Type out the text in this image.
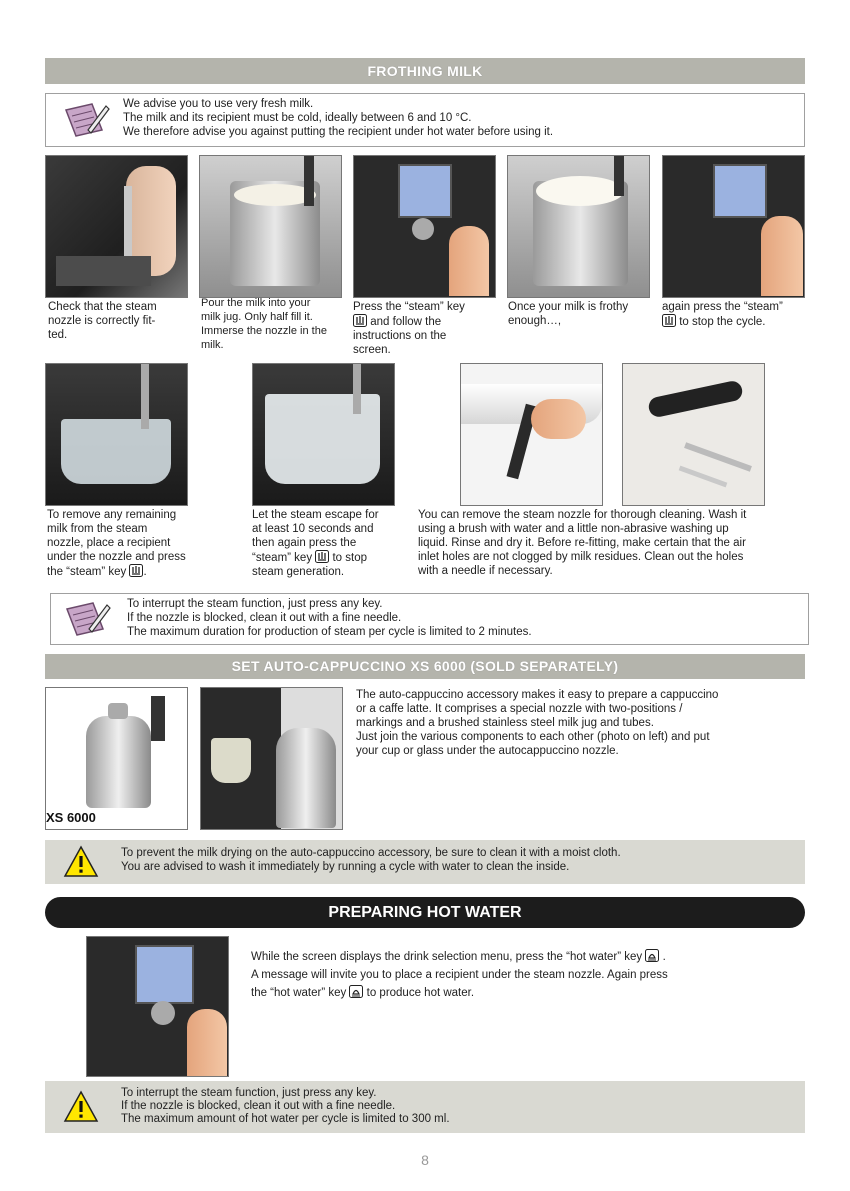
FROTHING MILK
We advise you to use very fresh milk.
The milk and its recipient must be cold, ideally between 6 and 10 °C.
We therefore advise you against putting the recipient under hot water before using it.
Check that the steam
nozzle is correctly fit-
ted.
Pour the milk into your
milk jug. Only half fill it.
Immerse the nozzle in the
milk.
Press the “steam” key
and follow the
instructions on the
screen.
Once your milk is frothy
enough…,
again press the “steam”
to stop the cycle.
To remove any remaining
milk from the steam
nozzle, place a recipient
under the nozzle and press
the “steam” key .
Let the steam escape for
at least 10 seconds and
then again press the
“steam” key  to stop
steam generation.
You can remove the steam nozzle for thorough cleaning. Wash it
using a brush with water and a little non-abrasive washing up
liquid. Rinse and dry it. Before re-fitting, make certain that the air
inlet holes are not clogged by milk residues. Clean out the holes
with a needle if necessary.
To interrupt the steam function, just press any key.
If the nozzle is blocked, clean it out with a fine needle.
The maximum duration for production of steam per cycle is limited to 2 minutes.
SET AUTO-CAPPUCCINO XS 6000 (SOLD SEPARATELY)
XS 6000
The auto-cappuccino accessory makes it easy to prepare a cappuccino
or a caffe latte. It comprises a special nozzle with two-positions /
markings and a brushed stainless steel milk jug and tubes.
Just join the various components to each other (photo on left) and put
your cup or glass under the autocappuccino nozzle.
To prevent the milk drying on the auto-cappuccino accessory, be sure to clean it with a moist cloth.
You are advised to wash it immediately by running a cycle with water to clean the inside.
PREPARING HOT WATER
While the screen displays the drink selection menu, press the “hot water” key  .
A message will invite you to place a recipient under the steam nozzle. Again press
the “hot water” key  to produce hot water.
To interrupt the steam function, just press any key.
If the nozzle is blocked, clean it out with a fine needle.
The maximum amount of hot water per cycle is limited to 300 ml.
8
